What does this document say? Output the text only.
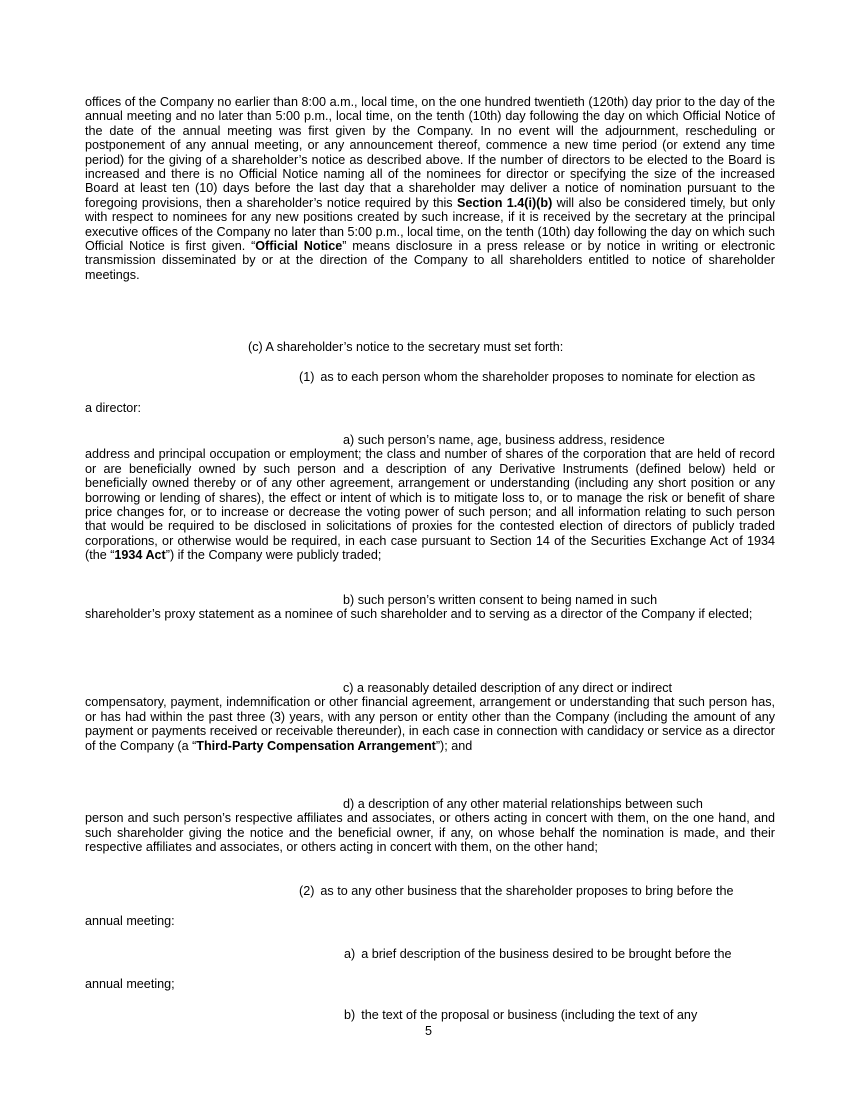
offices of the Company no earlier than 8:00 a.m., local time, on the one hundred twentieth (120th) day prior to the day of the annual meeting and no later than 5:00 p.m., local time, on the tenth (10th) day following the day on which Official Notice of the date of the annual meeting was first given by the Company. In no event will the adjournment, rescheduling or postponement of any annual meeting, or any announcement thereof, commence a new time period (or extend any time period) for the giving of a shareholder’s notice as described above. If the number of directors to be elected to the Board is increased and there is no Official Notice naming all of the nominees for director or specifying the size of the increased Board at least ten (10) days before the last day that a shareholder may deliver a notice of nomination pursuant to the foregoing provisions, then a shareholder’s notice required by this Section 1.4(i)(b) will also be considered timely, but only with respect to nominees for any new positions created by such increase, if it is received by the secretary at the principal executive offices of the Company no later than 5:00 p.m., local time, on the tenth (10th) day following the day on which such Official Notice is first given. “Official Notice” means disclosure in a press release or by notice in writing or electronic transmission disseminated by or at the direction of the Company to all shareholders entitled to notice of shareholder meetings.
(c) A shareholder’s notice to the secretary must set forth:
(1) as to each person whom the shareholder proposes to nominate for election as
a director:
a) such person’s name, age, business address, residence
address and principal occupation or employment; the class and number of shares of the corporation that are held of record or are beneficially owned by such person and a description of any Derivative Instruments (defined below) held or beneficially owned thereby or of any other agreement, arrangement or understanding (including any short position or any borrowing or lending of shares), the effect or intent of which is to mitigate loss to, or to manage the risk or benefit of share price changes for, or to increase or decrease the voting power of such person; and all information relating to such person that would be required to be disclosed in solicitations of proxies for the contested election of directors of publicly traded corporations, or otherwise would be required, in each case pursuant to Section 14 of the Securities Exchange Act of 1934 (the “1934 Act”) if the Company were publicly traded;
b) such person’s written consent to being named in such
shareholder’s proxy statement as a nominee of such shareholder and to serving as a director of the Company if elected;
c) a reasonably detailed description of any direct or indirect
compensatory, payment, indemnification or other financial agreement, arrangement or understanding that such person has, or has had within the past three (3) years, with any person or entity other than the Company (including the amount of any payment or payments received or receivable thereunder), in each case in connection with candidacy or service as a director of the Company (a “Third-Party Compensation Arrangement”); and
d) a description of any other material relationships between such
person and such person’s respective affiliates and associates, or others acting in concert with them, on the one hand, and such shareholder giving the notice and the beneficial owner, if any, on whose behalf the nomination is made, and their respective affiliates and associates, or others acting in concert with them, on the other hand;
(2) as to any other business that the shareholder proposes to bring before the
annual meeting:
a) a brief description of the business desired to be brought before the
annual meeting;
b) the text of the proposal or business (including the text of any
5
